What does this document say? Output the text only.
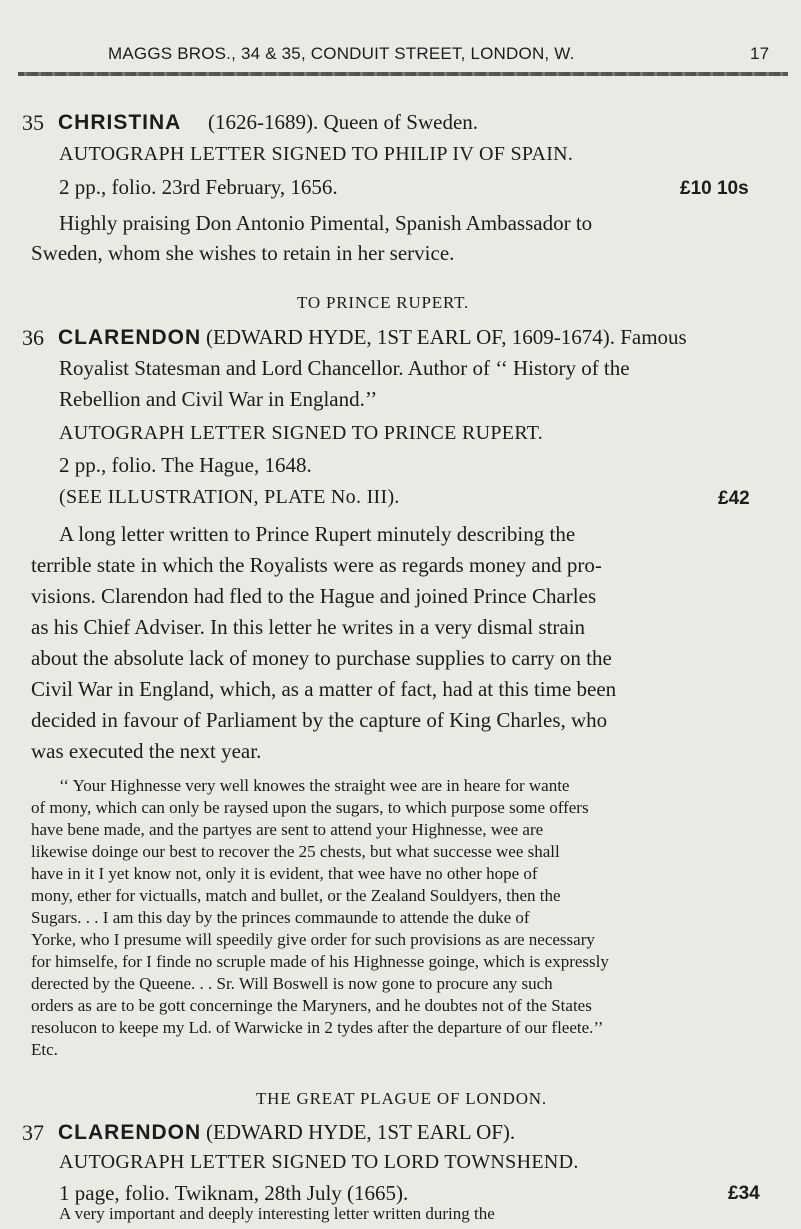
MAGGS BROS., 34 & 35, CONDUIT STREET, LONDON, W.	17
35 CHRISTINA (1626-1689). Queen of Sweden.
AUTOGRAPH LETTER SIGNED TO PHILIP IV OF SPAIN.
2 pp., folio. 23rd February, 1656.	£10 10s
Highly praising Don Antonio Pimental, Spanish Ambassador to
Sweden, whom she wishes to retain in her service.
TO PRINCE RUPERT.
36 CLARENDON (EDWARD HYDE, 1ST EARL OF, 1609-1674). Famous
Royalist Statesman and Lord Chancellor. Author of ‘‘ History of the
Rebellion and Civil War in England.’’
AUTOGRAPH LETTER SIGNED TO PRINCE RUPERT.
2 pp., folio. The Hague, 1648.
(SEE ILLUSTRATION, PLATE No. III).	£42
A long letter written to Prince Rupert minutely describing the
terrible state in which the Royalists were as regards money and pro-
visions. Clarendon had fled to the Hague and joined Prince Charles
as his Chief Adviser. In this letter he writes in a very dismal strain
about the absolute lack of money to purchase supplies to carry on the
Civil War in England, which, as a matter of fact, had at this time been
decided in favour of Parliament by the capture of King Charles, who
was executed the next year.
‘‘ Your Highnesse very well knowes the straight wee are in heare for wante
of mony, which can only be raysed upon the sugars, to which purpose some offers
have bene made, and the partyes are sent to attend your Highnesse, wee are
likewise doinge our best to recover the 25 chests, but what successe wee shall
have in it I yet know not, only it is evident, that wee have no other hope of
mony, ether for victualls, match and bullet, or the Zealand Souldyers, then the
Sugars. . . I am this day by the princes commaunde to attende the duke of
Yorke, who I presume will speedily give order for such provisions as are necessary
for himselfe, for I finde no scruple made of his Highnesse goinge, which is expressly
derected by the Queene. . . Sr. Will Boswell is now gone to procure any such
orders as are to be gott concerninge the Maryners, and he doubtes not of the States
resolucon to keepe my Ld. of Warwicke in 2 tydes after the departure of our fleete.’’
Etc.
THE GREAT PLAGUE OF LONDON.
37 CLARENDON (EDWARD HYDE, 1ST EARL OF).
AUTOGRAPH LETTER SIGNED TO LORD TOWNSHEND.
1 page, folio. Twiknam, 28th July (1665).	£34
A very important and deeply interesting letter written during the
